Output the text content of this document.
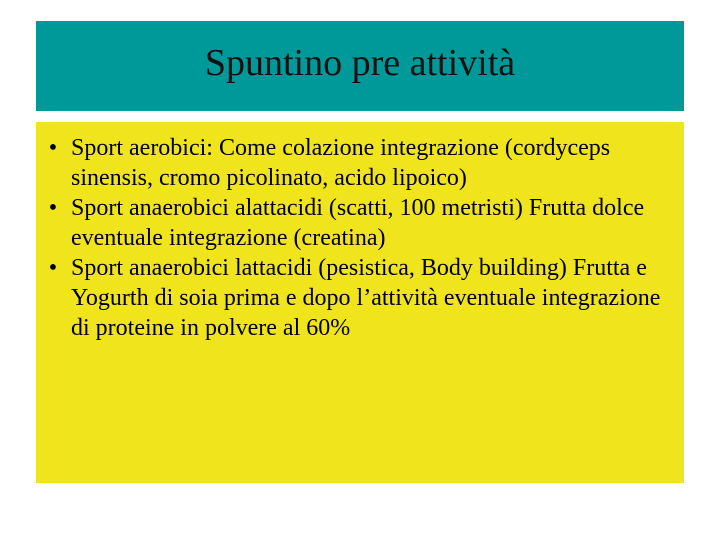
Spuntino pre attività
• Sport aerobici: Come colazione integrazione (cordyceps sinensis, cromo picolinato, acido lipoico)
• Sport anaerobici alattacidi (scatti, 100 metristi) Frutta dolce eventuale integrazione (creatina)
• Sport anaerobici lattacidi (pesistica, Body building) Frutta e Yogurth di soia prima e dopo l’attività eventuale integrazione di proteine in polvere al 60%
